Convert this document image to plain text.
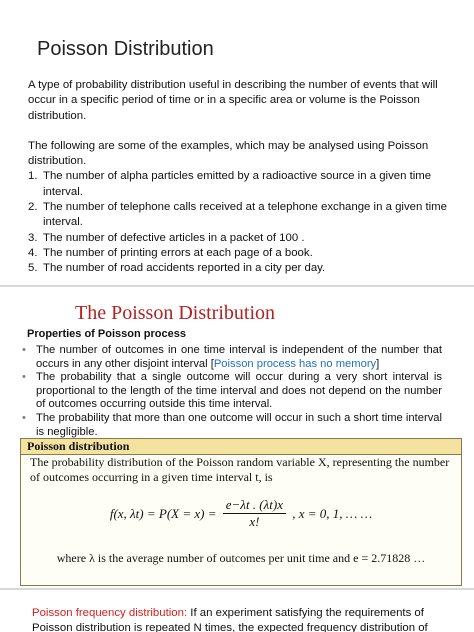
Poisson Distribution

A type of probability distribution useful in describing the number of events that will occur in a specific period of time or in a specific area or volume is the Poisson distribution.

The following are some of the examples, which may be analysed using Poisson distribution.

1. The number of alpha particles emitted by a radioactive source in a given time interval.
2. The number of telephone calls received at a telephone exchange in a given time interval.
3. The number of defective articles in a packet of 100 .
4. The number of printing errors at each page of a book.
5. The number of road accidents reported in a city per day.
The Poisson Distribution
Properties of Poisson process
• The number of outcomes in one time interval is independent of the number that occurs in any other disjoint interval [Poisson process has no memory]
• The probability that a single outcome will occur during a very short interval is proportional to the length of the time interval and does not depend on the number of outcomes occurring outside this time interval.
• The probability that more than one outcome will occur in such a short time interval is negligible.
Poisson distribution
The probability distribution of the Poisson random variable X, representing the number of outcomes occurring in a given time interval t, is
f(x, $\lambda t) = P(X = x) = \frac{e-\lambda t . (\lambda t)x}{x!}$ , x = 0, 1, … …
where λ is the average number of outcomes per unit time and e = 2.71828 …
Poisson frequency distribution: If an experiment satisfying the requirements of Poisson distribution is repeated N times, the expected frequency distribution of
